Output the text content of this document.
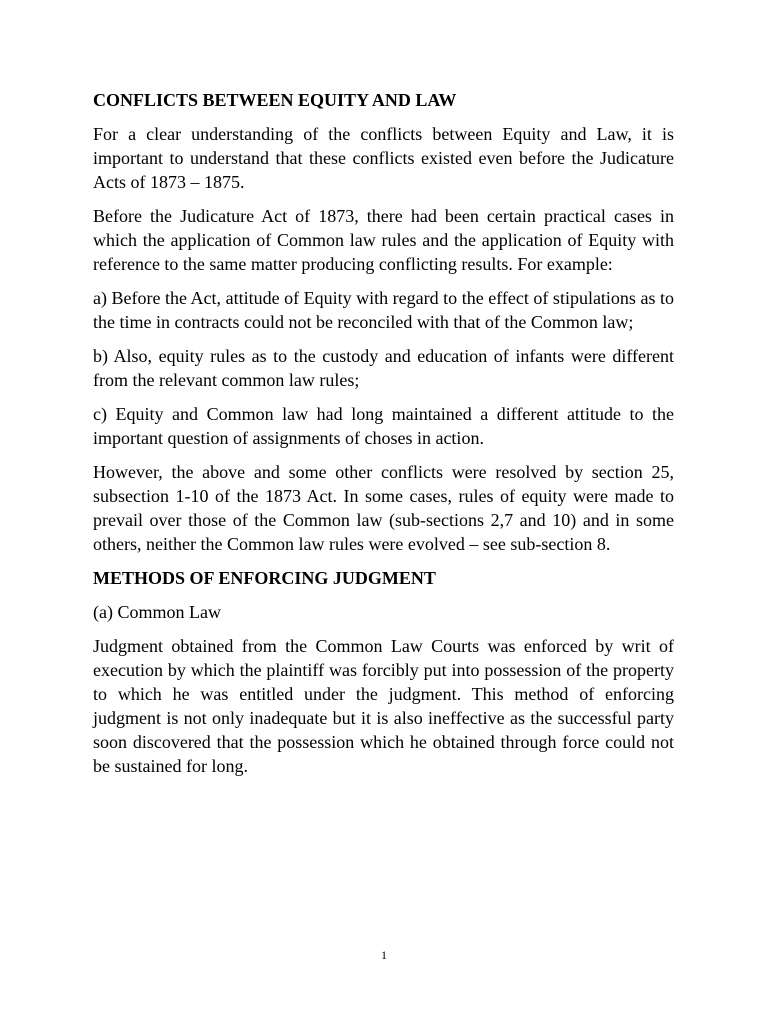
CONFLICTS BETWEEN EQUITY AND LAW

For a clear understanding of the conflicts between Equity and Law, it is important to understand that these conflicts existed even before the Judicature Acts of 1873 – 1875.

Before the Judicature Act of 1873, there had been certain practical cases in which the application of Common law rules and the application of Equity with reference to the same matter producing conflicting results. For example:

a) Before the Act, attitude of Equity with regard to the effect of stipulations as to the time in contracts could not be reconciled with that of the Common law;

b) Also, equity rules as to the custody and education of infants were different from the relevant common law rules;

c) Equity and Common law had long maintained a different attitude to the important question of assignments of choses in action.

However, the above and some other conflicts were resolved by section 25, subsection 1-10 of the 1873 Act. In some cases, rules of equity were made to prevail over those of the Common law (sub-sections 2,7 and 10) and in some others, neither the Common law rules were evolved – see sub-section 8.

METHODS OF ENFORCING JUDGMENT

(a) Common Law

Judgment obtained from the Common Law Courts was enforced by writ of execution by which the plaintiff was forcibly put into possession of the property to which he was entitled under the judgment. This method of enforcing judgment is not only inadequate but it is also ineffective as the successful party soon discovered that the possession which he obtained through force could not be sustained for long.

1
